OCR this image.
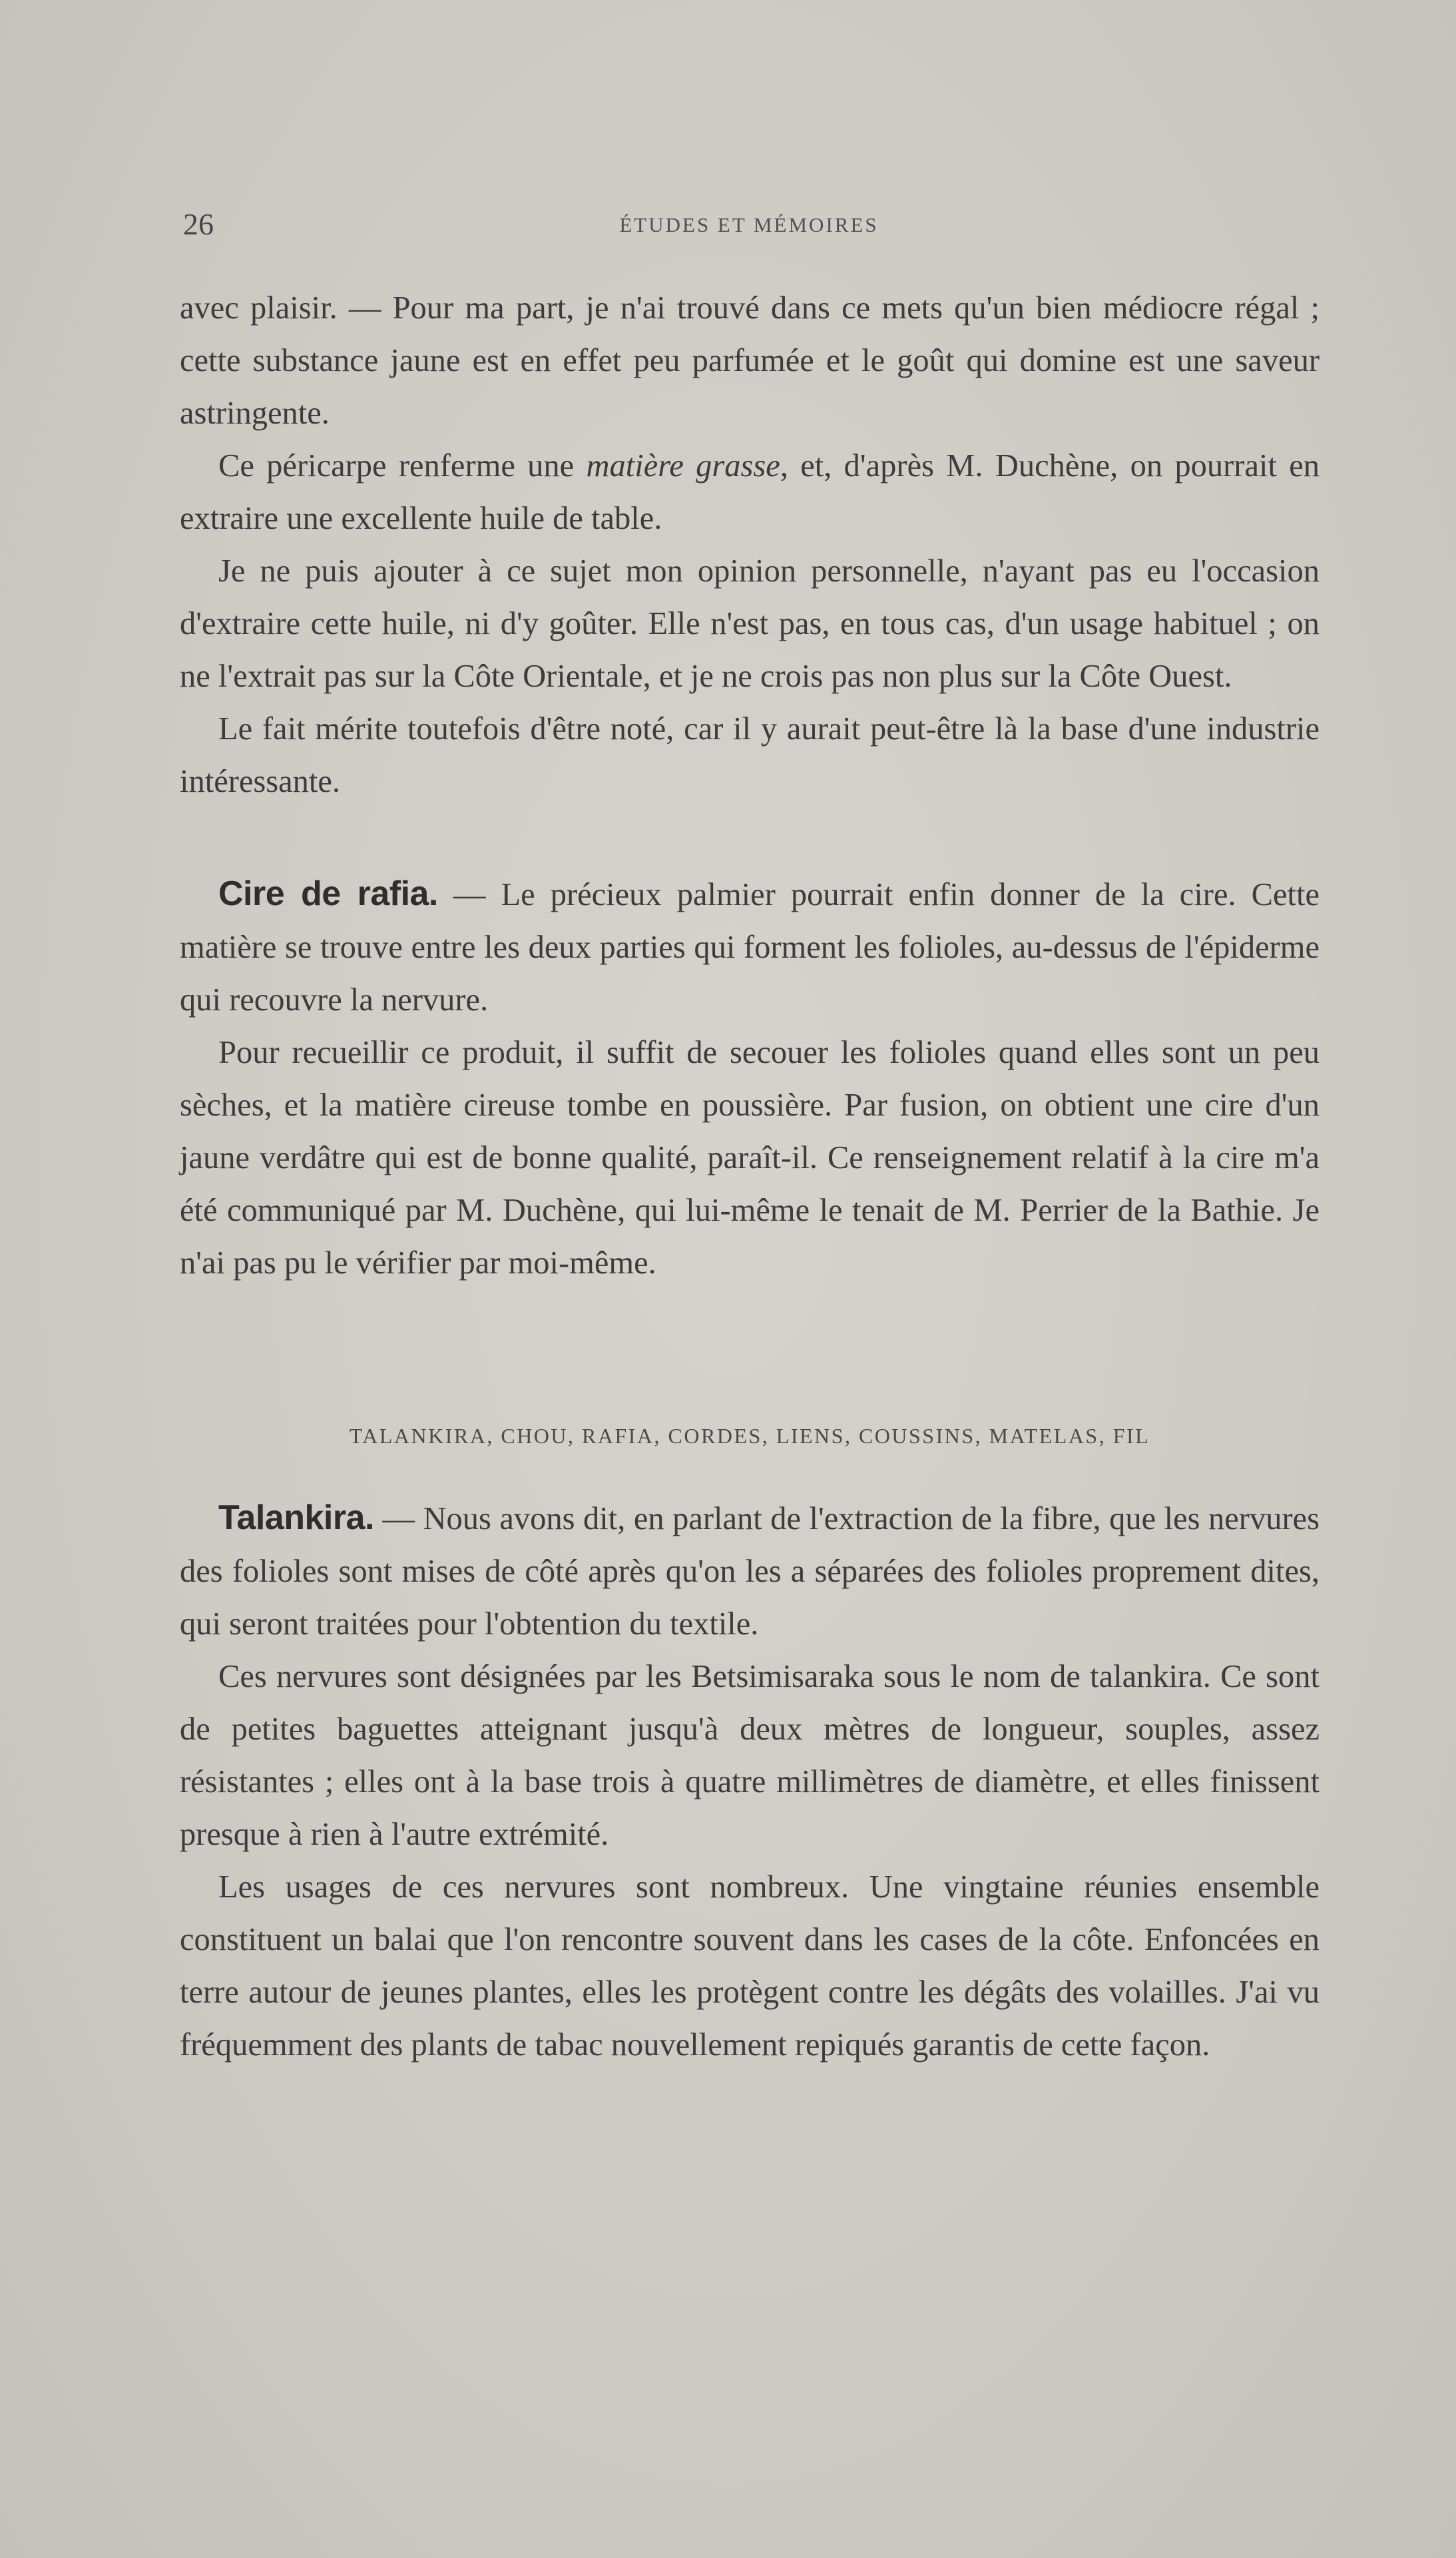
26	ÉTUDES ET MÉMOIRES

avec plaisir. — Pour ma part, je n'ai trouvé dans ce mets qu'un bien médiocre régal ; cette substance jaune est en effet peu parfumée et le goût qui domine est une saveur astringente.

Ce péricarpe renferme une matière grasse, et, d'après M. Duchène, on pourrait en extraire une excellente huile de table.

Je ne puis ajouter à ce sujet mon opinion personnelle, n'ayant pas eu l'occasion d'extraire cette huile, ni d'y goûter. Elle n'est pas, en tous cas, d'un usage habituel ; on ne l'extrait pas sur la Côte Orientale, et je ne crois pas non plus sur la Côte Ouest.

Le fait mérite toutefois d'être noté, car il y aurait peut-être là la base d'une industrie intéressante.

Cire de rafia. — Le précieux palmier pourrait enfin donner de la cire. Cette matière se trouve entre les deux parties qui forment les folioles, au-dessus de l'épiderme qui recouvre la nervure.

Pour recueillir ce produit, il suffit de secouer les folioles quand elles sont un peu sèches, et la matière cireuse tombe en poussière. Par fusion, on obtient une cire d'un jaune verdâtre qui est de bonne qualité, paraît-il. Ce renseignement relatif à la cire m'a été communiqué par M. Duchène, qui lui-même le tenait de M. Perrier de la Bathie. Je n'ai pas pu le vérifier par moi-même.

TALANKIRA, CHOU, RAFIA, CORDES, LIENS, COUSSINS, MATELAS, FIL

Talankira. — Nous avons dit, en parlant de l'extraction de la fibre, que les nervures des folioles sont mises de côté après qu'on les a séparées des folioles proprement dites, qui seront traitées pour l'obtention du textile.

Ces nervures sont désignées par les Betsimisaraka sous le nom de talankira. Ce sont de petites baguettes atteignant jusqu'à deux mètres de longueur, souples, assez résistantes ; elles ont à la base trois à quatre millimètres de diamètre, et elles finissent presque à rien à l'autre extrémité.

Les usages de ces nervures sont nombreux. Une vingtaine réunies ensemble constituent un balai que l'on rencontre souvent dans les cases de la côte. Enfoncées en terre autour de jeunes plantes, elles les protègent contre les dégâts des volailles. J'ai vu fréquemment des plants de tabac nouvellement repiqués garantis de cette façon.
